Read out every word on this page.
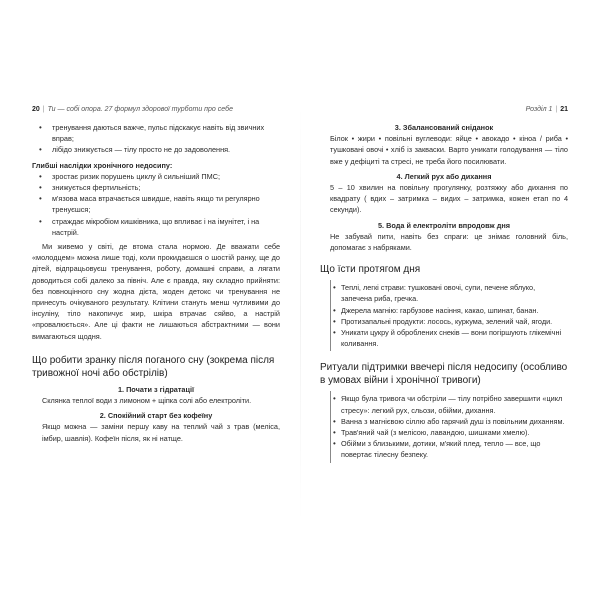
20 | Ти — собі опора. 27 формул здорової турботи про себе
• тренування даються важче, пульс підскакує навіть від звичних вправ;
• лібідо знижується — тілу просто не до задоволення.
Глибші наслідки хронічного недосипу:
• зростає ризик порушень циклу й сильніший ПМС;
• знижується фертильність;
• м'язова маса втрачається швидше, навіть якщо ти регулярно тренуєшся;
• страждає мікробіом кишківника, що впливає і на імунітет, і на настрій.

Ми живемо у світі, де втома стала нормою. Де вважати себе «молодцем» можна лише тоді, коли прокидаєшся о шостій ранку, ще до дітей, відпрацьовуєш тренування, роботу, домашні справи, а лягати доводиться собі далеко за північ. Але є правда, яку складно прийняти: без повноцінного сну жодна дієта, жоден детокс чи тренування не принесуть очікуваного результату. Клітини стануть менш чутливими до інсуліну, тіло накопичує жир, шкіра втрачає сяйво, а настрій «провалюється». Але ці факти не лишаються абстрактними — вони вимагаються щодня.

Що робити зранку після поганого сну (зокрема після тривожної ночі або обстрілів)
1. Почати з гідратації

Склянка теплої води з лимоном + щіпка солі або електроліти.

2. Спокійний старт без кофеїну

Якщо можна — заміни першу каву на теплий чай з трав (меліса, імбир, шавлія). Кофеїн після, як ні натще.

Розділ 1 | 21
3. Збалансований сніданок

Білок • жири • повільні вуглеводи: яйце • авокадо • кіноа / риба • тушковані овочі • хліб із закваски. Варто уникати голодування — тіло вже у дефіциті та стресі, не треба його посилювати.

4. Легкий рух або дихання

5 – 10 хвилин на повільну прогулянку, розтяжку або дихання по квадрату ( вдих – затримка – видих – затримка, кожен етап по 4 секунди).

5. Вода й електроліти впродовж дня

Не забувай пити, навіть без спраги: це знімає головний біль, допомагає з набряками.

Що їсти протягом дня
• Теплі, легкі страви: тушковані овочі, супи, печене яблуко, запечена риба, гречка.
• Джерела магнію: гарбузове насіння, какао, шпинат, банан.
• Протизапальні продукти: лосось, куркума, зелений чай, ягоди.
• Уникати цукру й оброблених снеків — вони погіршують глікемічні коливання.
Ритуали підтримки ввечері після недосипу (особливо в умовах війни і хронічної тривоги)
• Якщо була тривога чи обстріли — тілу потрібно завершити «цикл стресу»: легкий рух, сльози, обійми, дихання.
• Ванна з магнієвою сіллю або гарячий душ із повільним диханням.
• Трав'яний чай (з мелісою, лавандою, шишками хмелю).
• Обійми з близькими, дотики, м'який плед, тепло — все, що повертає тілесну безпеку.
